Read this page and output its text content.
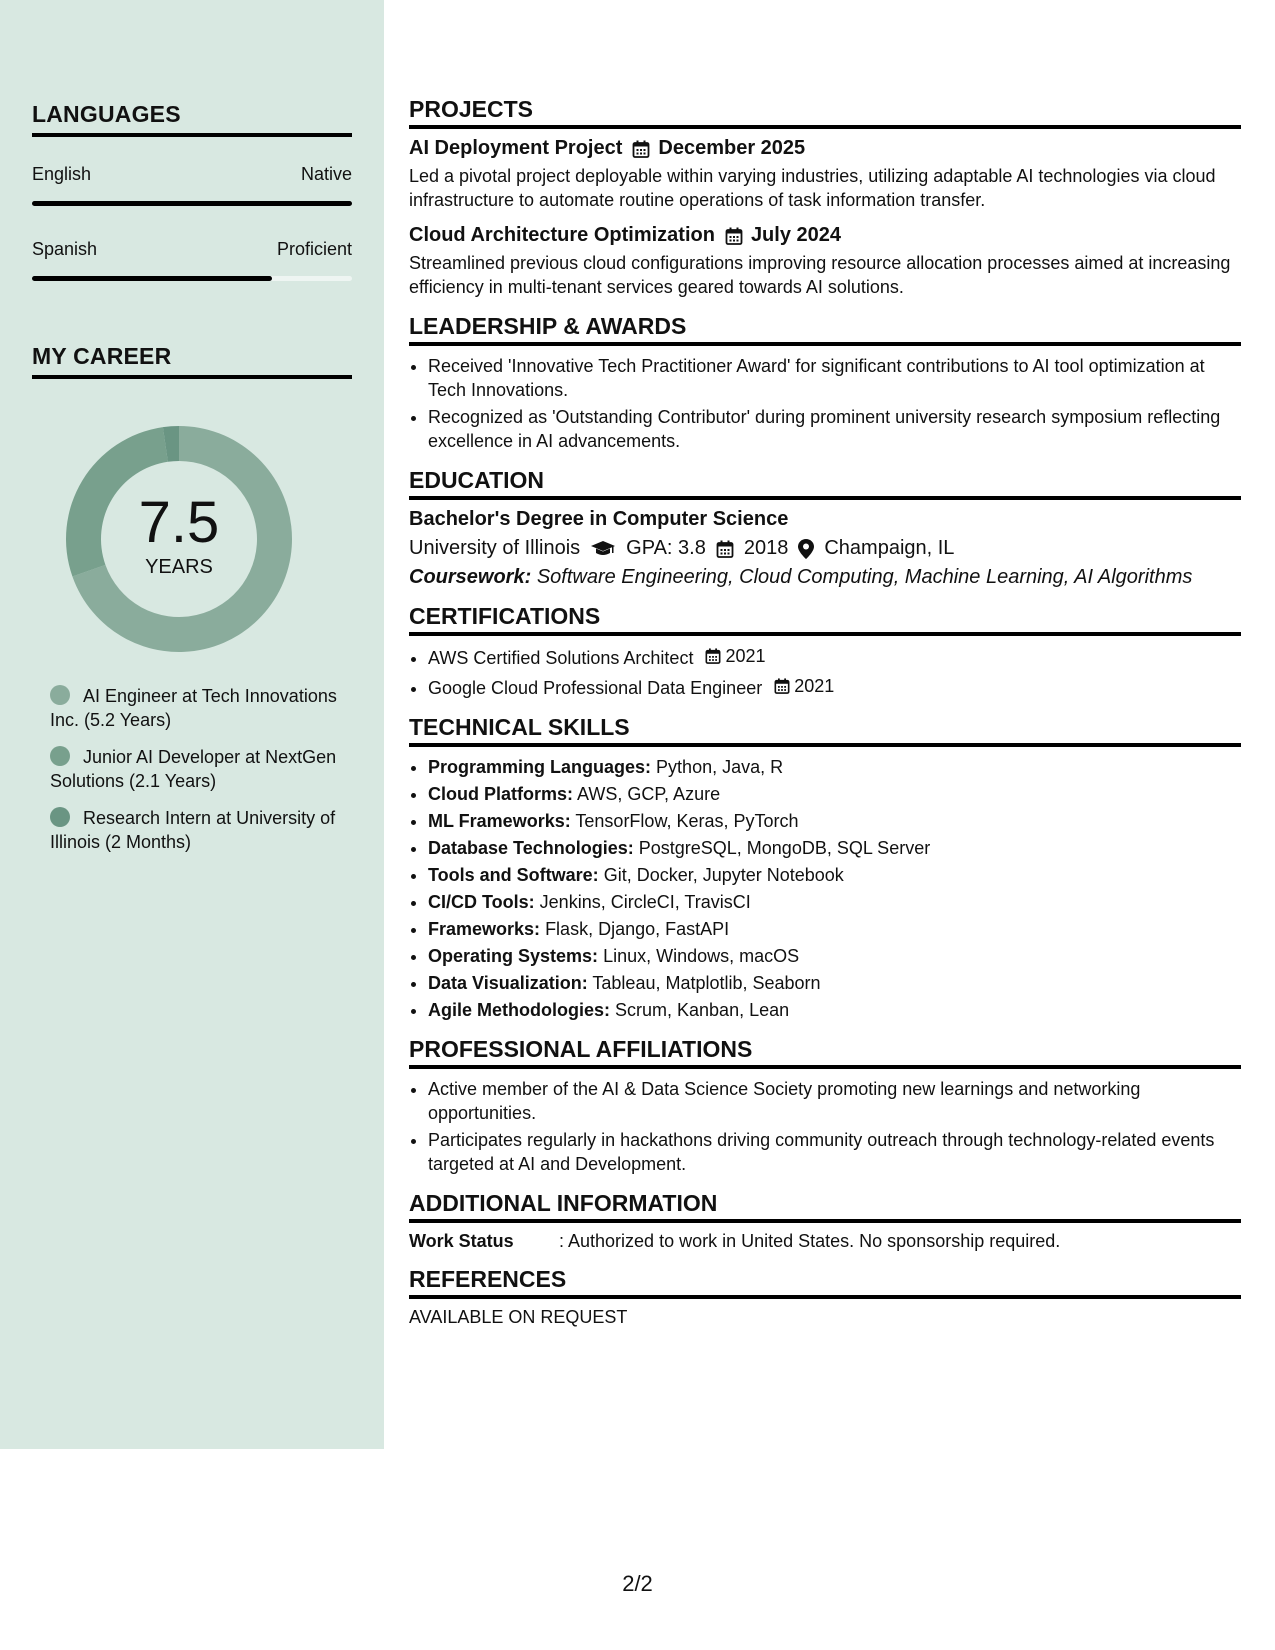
LANGUAGES
English	Native
Spanish	Proficient
MY CAREER
7.5
YEARS
AI Engineer at Tech Innovations Inc. (5.2 Years)
Junior AI Developer at NextGen Solutions (2.1 Years)
Research Intern at University of Illinois (2 Months)
PROJECTS
AI Deployment Project December 2025
Led a pivotal project deployable within varying industries, utilizing adaptable AI technologies via cloud infrastructure to automate routine operations of task information transfer.
Cloud Architecture Optimization July 2024
Streamlined previous cloud configurations improving resource allocation processes aimed at increasing efficiency in multi-tenant services geared towards AI solutions.
LEADERSHIP & AWARDS
• Received 'Innovative Tech Practitioner Award' for significant contributions to AI tool optimization at Tech Innovations.
• Recognized as 'Outstanding Contributor' during prominent university research symposium reflecting excellence in AI advancements.
EDUCATION
Bachelor's Degree in Computer Science
University of Illinois GPA: 3.8 2018 Champaign, IL
Coursework: Software Engineering, Cloud Computing, Machine Learning, AI Algorithms
CERTIFICATIONS
• AWS Certified Solutions Architect 2021
• Google Cloud Professional Data Engineer 2021
TECHNICAL SKILLS
• Programming Languages: Python, Java, R
• Cloud Platforms: AWS, GCP, Azure
• ML Frameworks: TensorFlow, Keras, PyTorch
• Database Technologies: PostgreSQL, MongoDB, SQL Server
• Tools and Software: Git, Docker, Jupyter Notebook
• CI/CD Tools: Jenkins, CircleCI, TravisCI
• Frameworks: Flask, Django, FastAPI
• Operating Systems: Linux, Windows, macOS
• Data Visualization: Tableau, Matplotlib, Seaborn
• Agile Methodologies: Scrum, Kanban, Lean
PROFESSIONAL AFFILIATIONS
• Active member of the AI & Data Science Society promoting new learnings and networking opportunities.
• Participates regularly in hackathons driving community outreach through technology-related events targeted at AI and Development.
ADDITIONAL INFORMATION
Work Status	: Authorized to work in United States. No sponsorship required.
REFERENCES
AVAILABLE ON REQUEST
2/2
